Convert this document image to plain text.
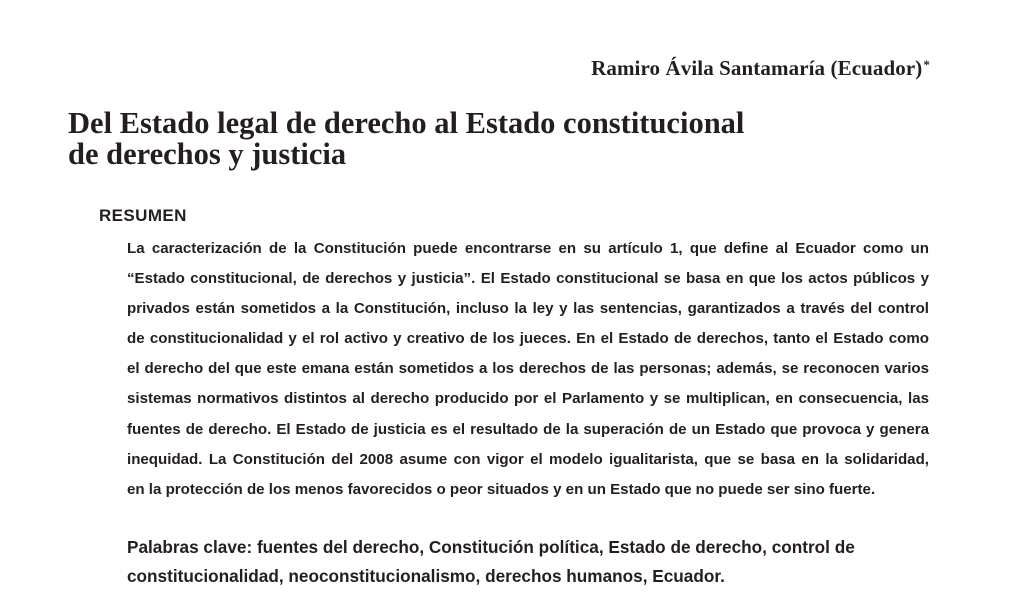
Ramiro Ávila Santamaría (Ecuador)*
Del Estado legal de derecho al Estado constitucional
de derechos y justicia
RESUMEN

La caracterización de la Constitución puede encontrarse en su artículo 1, que define al Ecuador como un
“Estado constitucional, de derechos y justicia”. El Estado constitucional se basa en que los actos públicos y
privados están sometidos a la Constitución, incluso la ley y las sentencias, garantizados a través del control
de constitucionalidad y el rol activo y creativo de los jueces. En el Estado de derechos, tanto el Estado como
el derecho del que este emana están sometidos a los derechos de las personas; además, se reconocen varios
sistemas normativos distintos al derecho producido por el Parlamento y se multiplican, en consecuencia, las
fuentes de derecho. El Estado de justicia es el resultado de la superación de un Estado que provoca y genera
inequidad. La Constitución del 2008 asume con vigor el modelo igualitarista, que se basa en la solidaridad,
en la protección de los menos favorecidos o peor situados y en un Estado que no puede ser sino fuerte.

Palabras clave: fuentes del derecho, Constitución política, Estado de derecho, control de
constitucionalidad, neoconstitucionalismo, derechos humanos, Ecuador.
